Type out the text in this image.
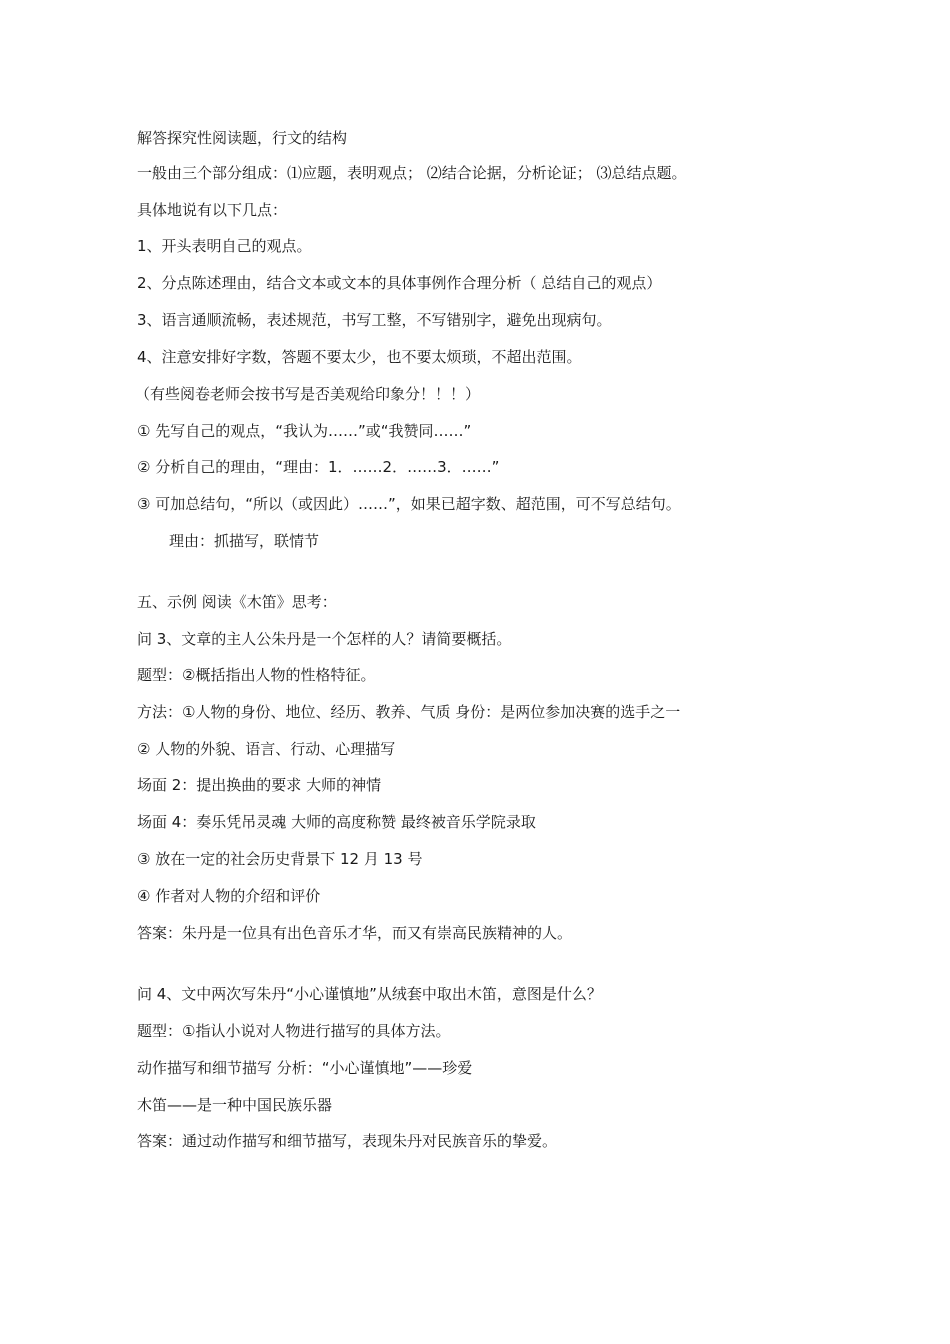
解答探究性阅读题，行文的结构
一般由三个部分组成：⑴应题，表明观点； ⑵结合论据，分析论证； ⑶总结点题。
具体地说有以下几点：
1、开头表明自己的观点。
2、分点陈述理由，结合文本或文本的具体事例作合理分析（ 总结自己的观点）
3、语言通顺流畅，表述规范，书写工整，不写错别字，避免出现病句。
4、注意安排好字数，答题不要太少，也不要太烦琐，不超出范围。
（有些阅卷老师会按书写是否美观给印象分！！！）
① 先写自己的观点，“我认为……”或“我赞同……”
② 分析自己的理由，“理由：1．……2．……3．……”
③ 可加总结句，“所以（或因此）……”，如果已超字数、超范围，可不写总结句。
理由：抓描写，联情节
五、示例 阅读《木笛》思考：
问 3、文章的主人公朱丹是一个怎样的人？请简要概括。
题型：②概括指出人物的性格特征。
方法：①人物的身份、地位、经历、教养、气质 身份：是两位参加决赛的选手之一
② 人物的外貌、语言、行动、心理描写
场面 2：提出换曲的要求 大师的神情
场面 4：奏乐凭吊灵魂 大师的高度称赞 最终被音乐学院录取
③ 放在一定的社会历史背景下 12 月 13 号
④ 作者对人物的介绍和评价
答案：朱丹是一位具有出色音乐才华，而又有崇高民族精神的人。
问 4、文中两次写朱丹“小心谨慎地”从绒套中取出木笛，意图是什么？
题型：①指认小说对人物进行描写的具体方法。
动作描写和细节描写 分析：“小心谨慎地”——珍爱
木笛——是一种中国民族乐器
答案：通过动作描写和细节描写，表现朱丹对民族音乐的挚爱。
